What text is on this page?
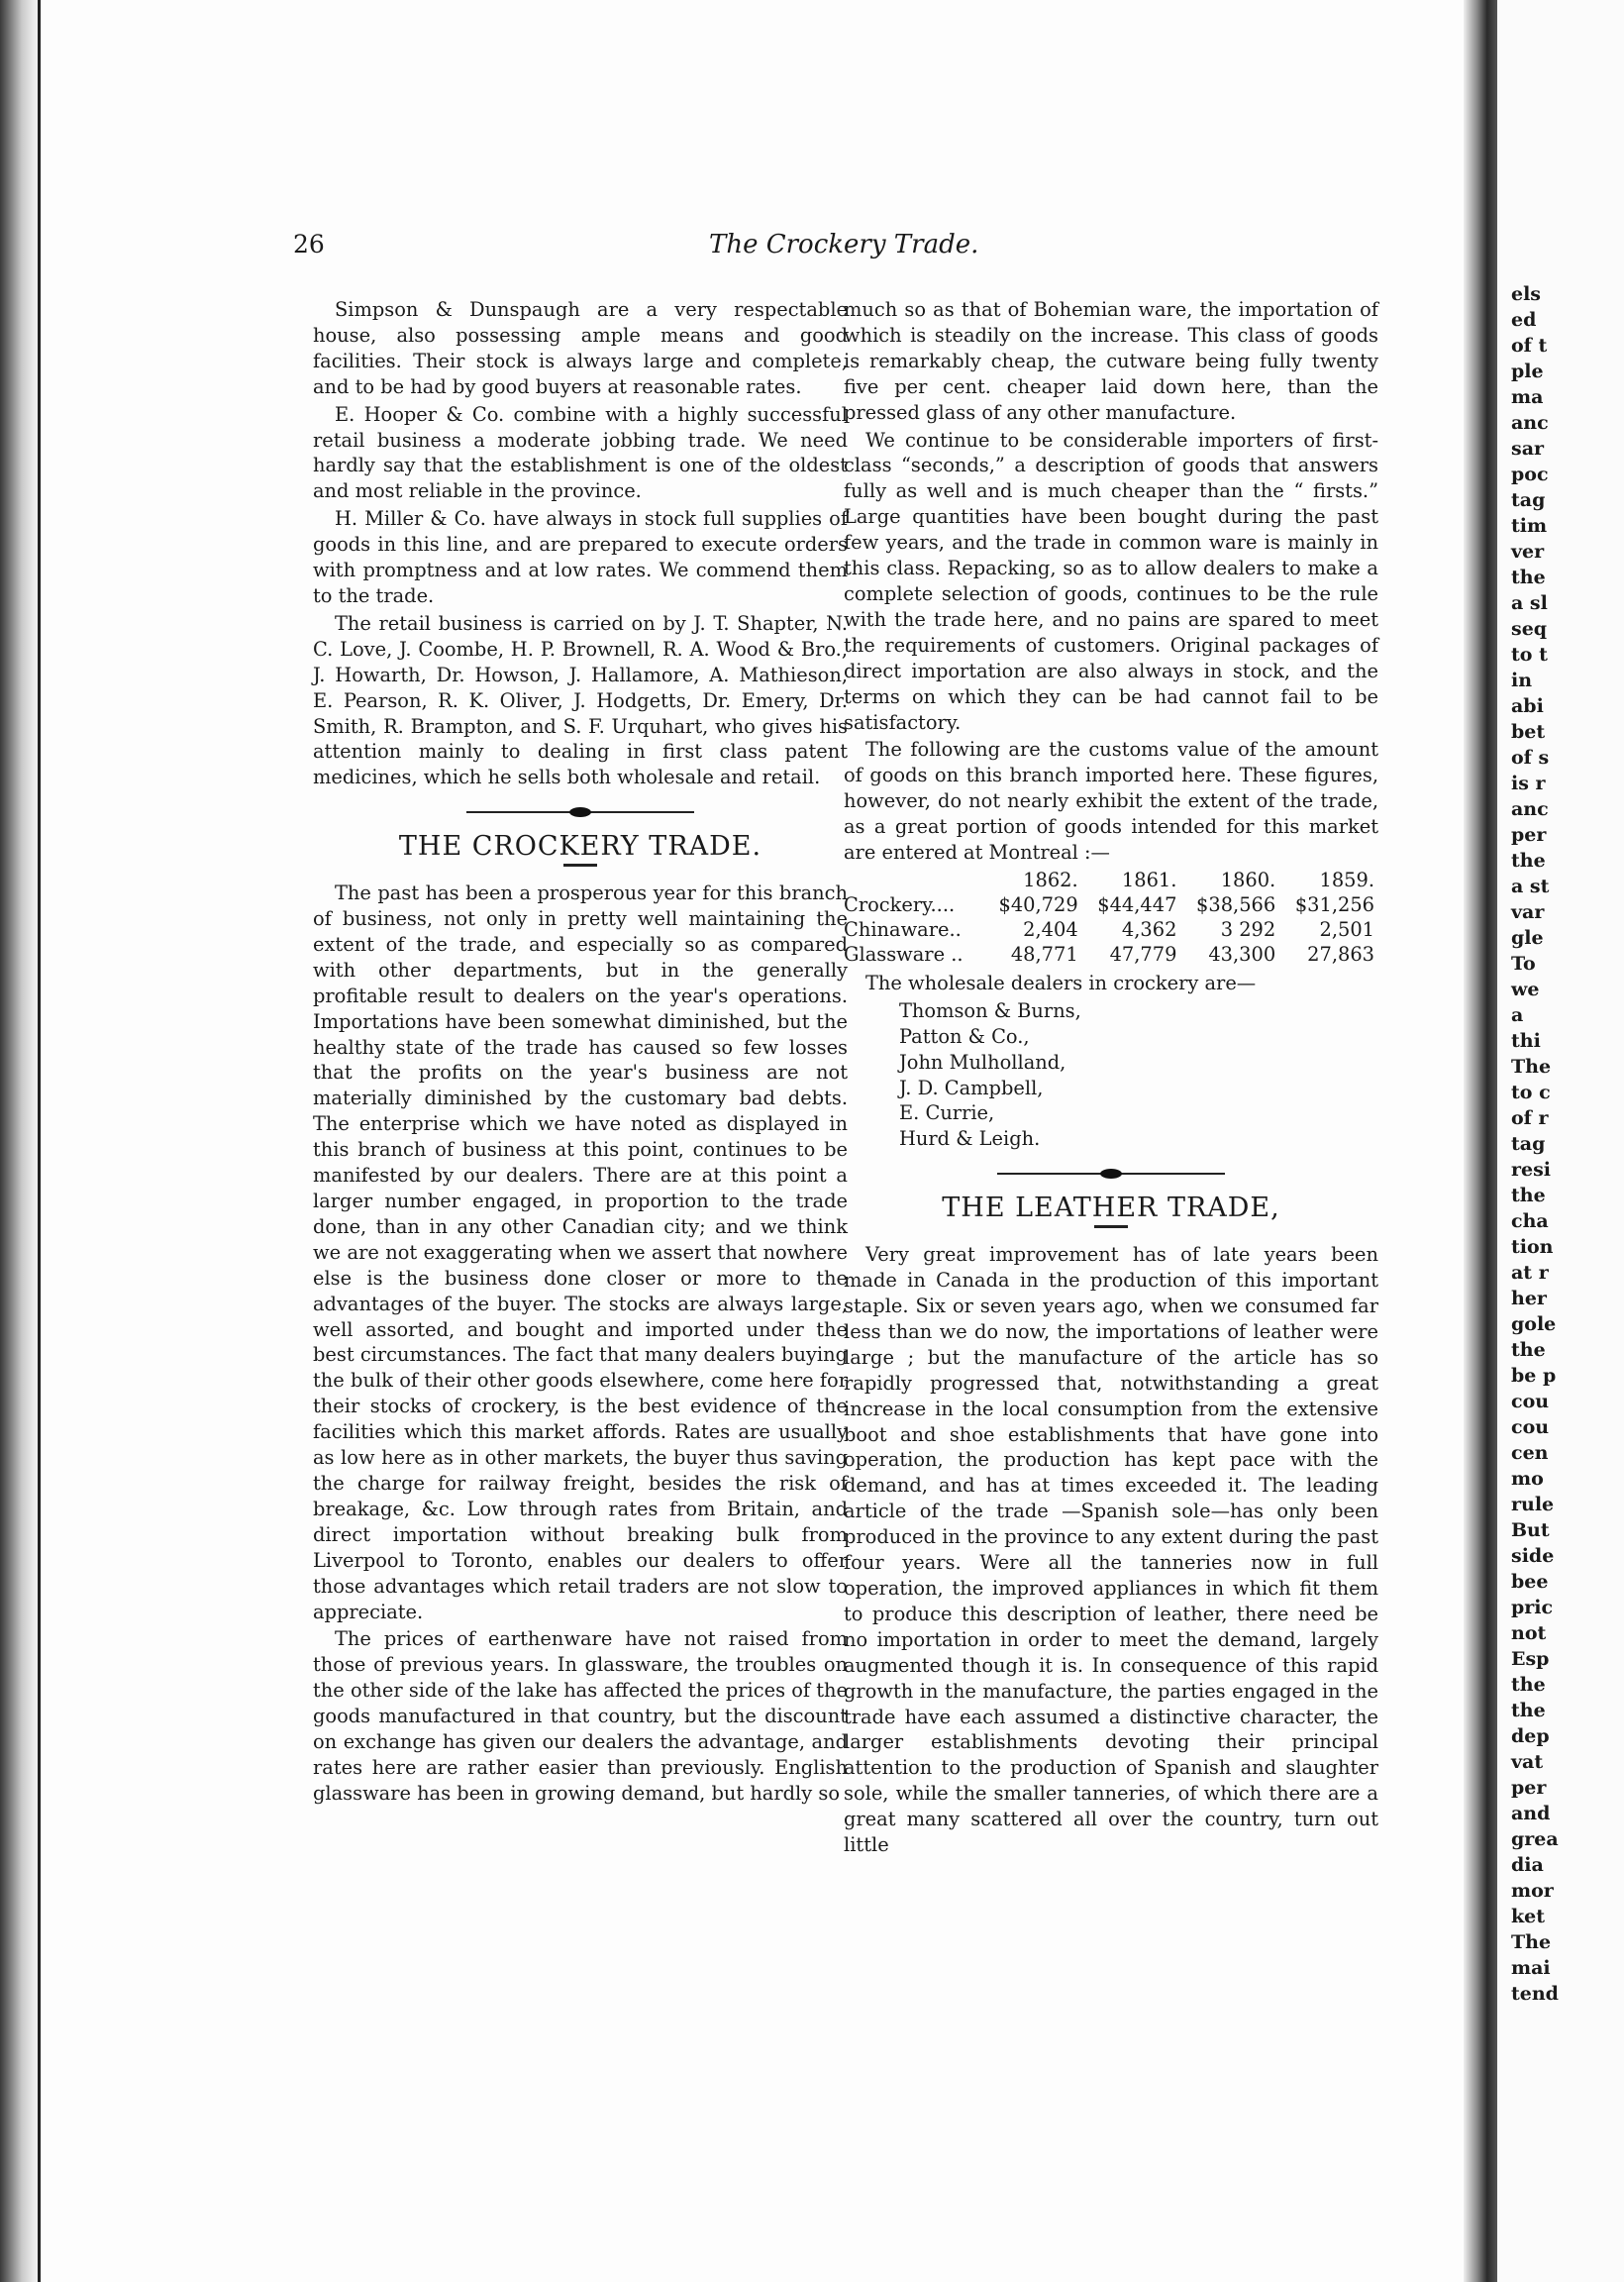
26	The Crockery Trade.

Simpson & Dunspaugh are a very respectable house, also possessing ample means and good facilities. Their stock is always large and complete, and to be had by good buyers at reasonable rates.

E. Hooper & Co. combine with a highly successful retail business a moderate jobbing trade. We need hardly say that the establishment is one of the oldest and most reliable in the province.

H. Miller & Co. have always in stock full supplies of goods in this line, and are prepared to execute orders with promptness and at low rates. We commend them to the trade.

The retail business is carried on by J. T. Shapter, N. C. Love, J. Coombe, H. P. Brownell, R. A. Wood & Bro., J. Howarth, Dr. Howson, J. Hallamore, A. Mathieson, E. Pearson, R. K. Oliver, J. Hodgetts, Dr. Emery, Dr. Smith, R. Brampton, and S. F. Urquhart, who gives his attention mainly to dealing in first class patent medicines, which he sells both wholesale and retail.

THE CROCKERY TRADE.

The past has been a prosperous year for this branch of business, not only in pretty well maintaining the extent of the trade, and especially so as compared with other departments, but in the generally profitable result to dealers on the year's operations. Importations have been somewhat diminished, but the healthy state of the trade has caused so few losses that the profits on the year's business are not materially diminished by the customary bad debts. The enterprise which we have noted as displayed in this branch of business at this point, continues to be manifested by our dealers. There are at this point a larger number engaged, in proportion to the trade done, than in any other Canadian city; and we think we are not exaggerating when we assert that nowhere else is the business done closer or more to the advantages of the buyer. The stocks are always large, well assorted, and bought and imported under the best circumstances. The fact that many dealers buying the bulk of their other goods elsewhere, come here for their stocks of crockery, is the best evidence of the facilities which this market affords. Rates are usually as low here as in other markets, the buyer thus saving the charge for railway freight, besides the risk of breakage, &c. Low through rates from Britain, and direct importation without breaking bulk from Liverpool to Toronto, enables our dealers to offer those advantages which retail traders are not slow to appreciate.

The prices of earthenware have not raised from those of previous years. In glassware, the troubles on the other side of the lake has affected the prices of the goods manufactured in that country, but the discount on exchange has given our dealers the advantage, and rates here are rather easier than previously. English glassware has been in growing demand, but hardly so

much so as that of Bohemian ware, the importation of which is steadily on the increase. This class of goods is remarkably cheap, the cutware being fully twenty five per cent. cheaper laid down here, than the pressed glass of any other manufacture.

We continue to be considerable importers of first-class “seconds,” a description of goods that answers fully as well and is much cheaper than the “ firsts.” Large quantities have been bought during the past few years, and the trade in common ware is mainly in this class. Repacking, so as to allow dealers to make a complete selection of goods, continues to be the rule with the trade here, and no pains are spared to meet the requirements of customers. Original packages of direct importation are also always in stock, and the terms on which they can be had cannot fail to be satisfactory.

The following are the customs value of the amount of goods on this branch imported here. These figures, however, do not nearly exhibit the extent of the trade, as a great portion of goods intended for this market are entered at Montreal :—

	1862.	1861.	1860.	1859.
Crockery....	$40,729	$44,447	$38,566	$31,256
Chinaware..	2,404	4,362	3 292	2,501
Glassware ..	48,771	47,779	43,300	27,863

The wholesale dealers in crockery are—

Thomson & Burns,
Patton & Co.,
John Mulholland,
J. D. Campbell,
E. Currie,
Hurd & Leigh.
THE LEATHER TRADE,

Very great improvement has of late years been made in Canada in the production of this important staple. Six or seven years ago, when we consumed far less than we do now, the importations of leather were large ; but the manufacture of the article has so rapidly progressed that, notwithstanding a great increase in the local consumption from the extensive boot and shoe establishments that have gone into operation, the production has kept pace with the demand, and has at times exceeded it. The leading article of the trade —Spanish sole—has only been produced in the province to any extent during the past four years. Were all the tanneries now in full operation, the improved appliances in which fit them to produce this description of leather, there need be no importation in order to meet the demand, largely augmented though it is. In consequence of this rapid growth in the manufacture, the parties engaged in the trade have each assumed a distinctive character, the larger establishments devoting their principal attention to the production of Spanish and slaughter sole, while the smaller tanneries, of which there are a great many scattered all over the country, turn out little

els
ed
of t
ple
ma
anc
sar
poc
tag
tim
ver
the
a sl
seq
to t
in
abi
bet
of s
is r
anc
per
the
a st
var
gle
To
we
a
thi
The
to c
of r
tag
resi
the
cha
tion
at r
her
gole
the
be p
cou
cou
cen
mo
rule
But
side
bee
pric
not
Esp
the
the
dep
vat
per
and
grea
dia
mor
ket
The
mai
tend
